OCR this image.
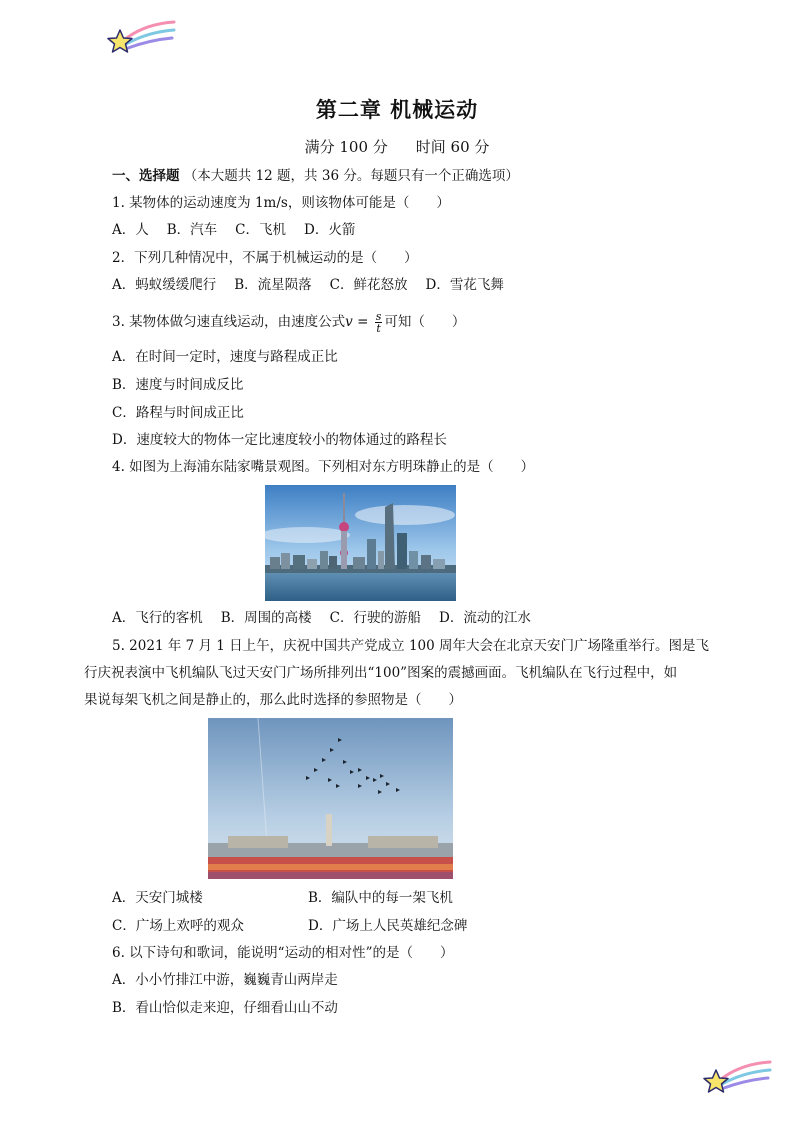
第二章 机械运动
满分 100 分 时间 60 分
一、选择题 （本大题共 12 题，共 36 分。每题只有一个正确选项）
1. 某物体的运动速度为 1m/s，则该物体可能是（　　）
A．人 B．汽车 C．飞机 D．火箭
2．下列几种情况中，不属于机械运动的是（　　）
A．蚂蚁缓缓爬行 B．流星陨落 C．鲜花怒放 D．雪花飞舞
3. 某物体做匀速直线运动，由速度公式$v = \frac{s}{t}$ 可知（　　）
A．在时间一定时，速度与路程成正比
B．速度与时间成反比
C．路程与时间成正比
D．速度较大的物体一定比速度较小的物体通过的路程长
4. 如图为上海浦东陆家嘴景观图。下列相对东方明珠静止的是（　　）
A．飞行的客机 B．周围的高楼 C．行驶的游船 D．流动的江水
5. 2021 年 7 月 1 日上午，庆祝中国共产党成立 100 周年大会在北京天安门广场隆重举行。图是飞
行庆祝表演中飞机编队飞过天安门广场所排列出“100”图案的震撼画面。飞机编队在飞行过程中，如
果说每架飞机之间是静止的，那么此时选择的参照物是（　　）
A．天安门城楼	B．编队中的每一架飞机
C．广场上欢呼的观众	D．广场上人民英雄纪念碑
6. 以下诗句和歌词，能说明“运动的相对性”的是（　　）
A．小小竹排江中游，巍巍青山两岸走
B．看山恰似走来迎，仔细看山山不动
